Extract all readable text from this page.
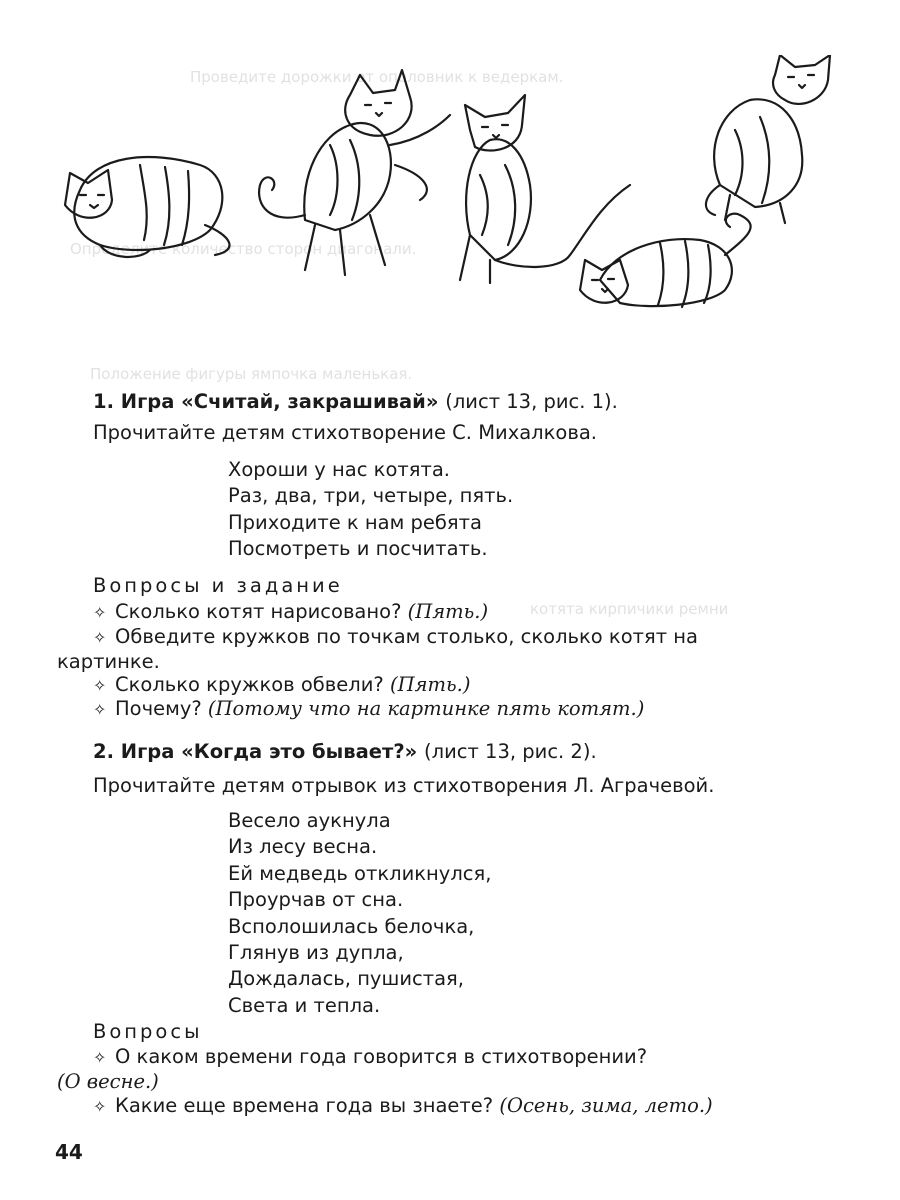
Проведите дорожки от ополовник к ведеркам.
Определите количество сторон диагонали.
Положение фигуры ямпочка маленькая.
котята кирпичики ремни
1. Игра «Считай, закрашивай» (лист 13, рис. 1).
Прочитайте детям стихотворение С. Михалкова.
Хороши у нас котята.
Раз, два, три, четыре, пять.
Приходите к нам ребята
Посмотреть и посчитать.
Вопросы и задание
✧ Сколько котят нарисовано? (Пять.)
✧ Обведите кружков по точкам столько, сколько котят на
картинке.
✧ Сколько кружков обвели? (Пять.)
✧ Почему? (Потому что на картинке пять котят.)
2. Игра «Когда это бывает?» (лист 13, рис. 2).
Прочитайте детям отрывок из стихотворения Л. Аграчевой.
Весело аукнула
Из лесу весна.
Ей медведь откликнулся,
Проурчав от сна.
Всполошилась белочка,
Глянув из дупла,
Дождалась, пушистая,
Света и тепла.
Вопросы
✧ О каком времени года говорится в стихотворении?
(О весне.)
✧ Какие еще времена года вы знаете? (Осень, зима, лето.)
44
